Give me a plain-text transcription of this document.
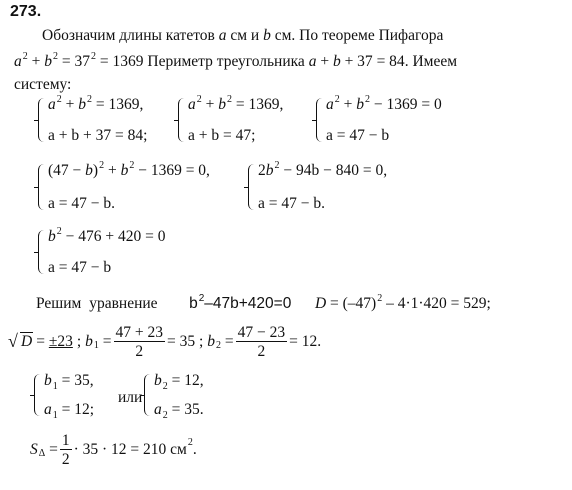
273.
Обозначим длины катетов a см и b см. По теореме Пифагора
$a^2 + b^2 = 37^2 = 1369$ Периметр треугольника a + b + 37 = 84. Имеем
систему:
$a^2 + b^2 = 1369$,
a + b + 37 = 84;
$a^2 + b^2 = 1369$,
a + b = 47;
$a^2 + b^2 - 1369 = 0$
a = 47 − b
$(47 - b)^2 + b^2 - 1369 = 0$,
a = 47 − b.
$2b^2 - 94b - 840 = 0$,
a = 47 − b.
$b^2 - 476 + 420 = 0$
a = 47 − b
Решим уравнение $b^2-47b+420=0$ $D = (-47)^2 - 4\cdot 1\cdot 420 = 529$;
√ D = ±23 ; $b_1 = \frac{47 + 23}{2} = 35$ ;
$b_2 = \frac{47 - 23}{2} = 12$.
$b_1 = 35$,
$a_1 = 12$;
или
$b_2 = 12$,
$a_2 = 35$.
$S_\Delta = \frac{1}{2} \cdot 35 \cdot 12 = 210$ $см^2$ .
